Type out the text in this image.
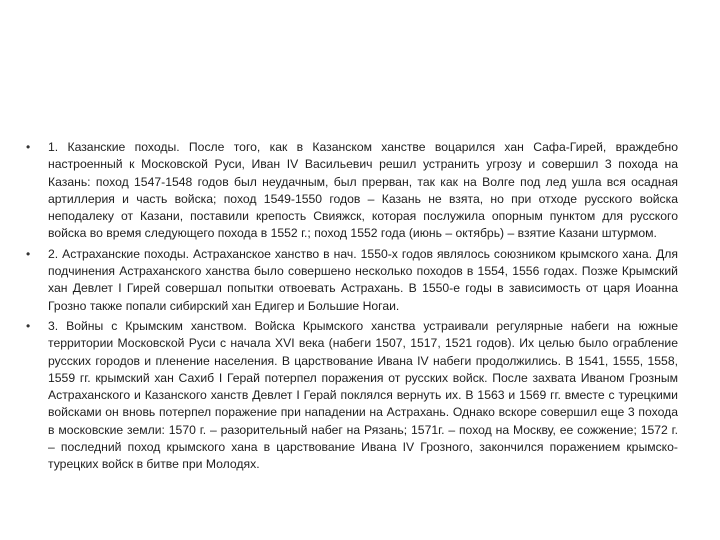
•	1. Казанские походы. После того, как в Казанском ханстве воцарился хан Сафа-Гирей, враждебно настроенный к Московской Руси, Иван IV Васильевич решил устранить угрозу и совершил 3 похода на Казань: поход 1547-1548 годов был неудачным, был прерван, так как на Волге под лед ушла вся осадная артиллерия и часть войска; поход 1549-1550 годов – Казань не взята, но при отходе русского войска неподалеку от Казани, поставили крепость Свияжск, которая послужила опорным пунктом для русского войска во время следующего похода в 1552 г.; поход 1552 года (июнь – октябрь) – взятие Казани штурмом.
•	2. Астраханские походы. Астраханское ханство в нач. 1550-х годов являлось союзником крымского хана. Для подчинения Астраханского ханства было совершено несколько походов в 1554, 1556 годах. Позже Крымский хан Девлет I Гирей совершал попытки отвоевать Астрахань. В 1550-е годы в зависимость от царя Иоанна Грозно также попали сибирский хан Едигер и Большие Ногаи.
•	3. Войны с Крымским ханством. Войска Крымского ханства устраивали регулярные набеги на южные территории Московской Руси с начала XVI века (набеги 1507, 1517, 1521 годов). Их целью было ограбление русских городов и пленение населения. В царствование Ивана IV набеги продолжились. В 1541, 1555, 1558, 1559 гг. крымский хан Сахиб I Герай потерпел поражения от русских войск. После захвата Иваном Грозным Астраханского и Казанского ханств Девлет I Герай поклялся вернуть их. В 1563 и 1569 гг. вместе с турецкими войсками он вновь потерпел поражение при нападении на Астрахань. Однако вскоре совершил еще 3 похода в московские земли: 1570 г. – разорительный набег на Рязань; 1571г. – поход на Москву, ее сожжение; 1572 г. – последний поход крымского хана в царствование Ивана IV Грозного, закончился поражением крымско-турецких войск в битве при Молодях.
